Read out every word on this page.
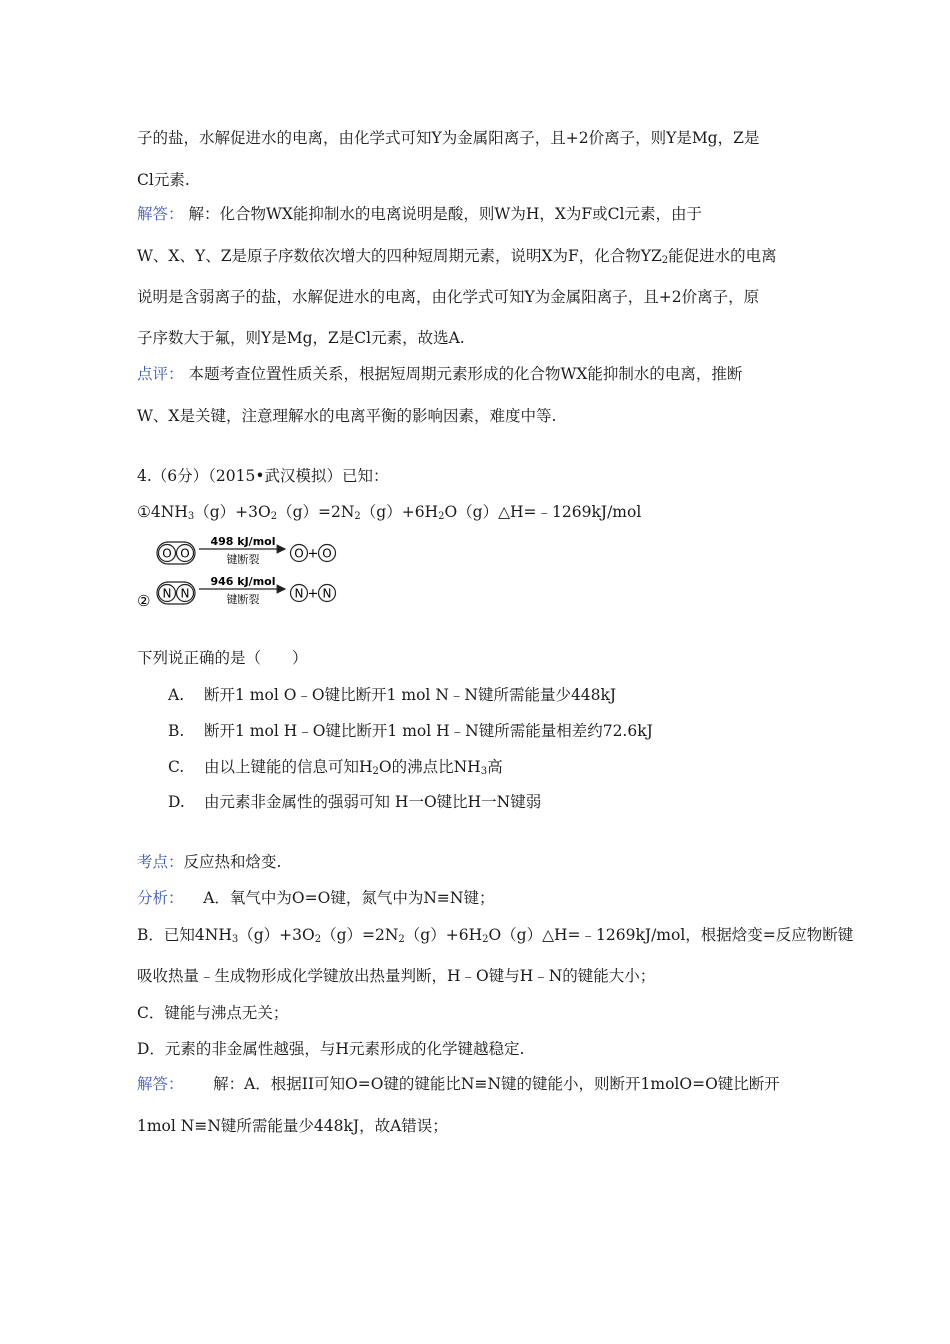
子的盐，水解促进水的电离，由化学式可知Y为金属阳离子，且+2价离子，则Y是Mg，Z是
Cl元素.
解答： 解：化合物WX能抑制水的电离说明是酸，则W为H，X为F或Cl元素，由于
W、X、Y、Z是原子序数依次增大的四种短周期元素，说明X为F，化合物$YZ_2$能促进水的电离
说明是含弱离子的盐，水解促进水的电离，由化学式可知Y为金属阳离子，且+2价离子，原
子序数大于氟，则Y是Mg，Z是Cl元素，故选A.
点评： 本题考查位置性质关系，根据短周期元素形成的化合物WX能抑制水的电离，推断
W、X是关键，注意理解水的电离平衡的影响因素，难度中等.
4.（6分）（2015•武汉模拟）已知：
$①4NH_3(g)+3O_2(g)=2N_2(g)+6H_2O(g)\triangle H=﹣1269kJ$/mol
O O
498 kJ/mol
键断裂	O + O
② N N
946 kJ/mol
键断裂	N + N
下列说正确的是（　　）
A. 断开1 mol O﹣O键比断开1 mol N﹣N键所需能量少448kJ
B. 断开1 mol H﹣O键比断开1 mol H﹣N键所需能量相差约72.6kJ
C. 由以上键能的信息可知$H_2O$的沸点比$NH_3$高
D. 由元素非金属性的强弱可知 H一O键比H一N键弱
考点：反应热和焓变.
分析： A．氧气中为O=O键，氮气中为N≡N键；
B．已知$4NH_3(g)+3O_2(g)=2N_2(g)+6H_2O(g)\triangle H=﹣1269kJ$/mol，根据焓变=反应物断键
吸收热量﹣生成物形成化学键放出热量判断，H﹣O键与H﹣N的键能大小；
C．键能与沸点无关；
D．元素的非金属性越强，与H元素形成的化学键越稳定.
解答： 解：A．根据II可知O=O键的键能比N≡N键的键能小，则断开1molO=O键比断开
1mol N≡N键所需能量少448kJ，故A错误；
